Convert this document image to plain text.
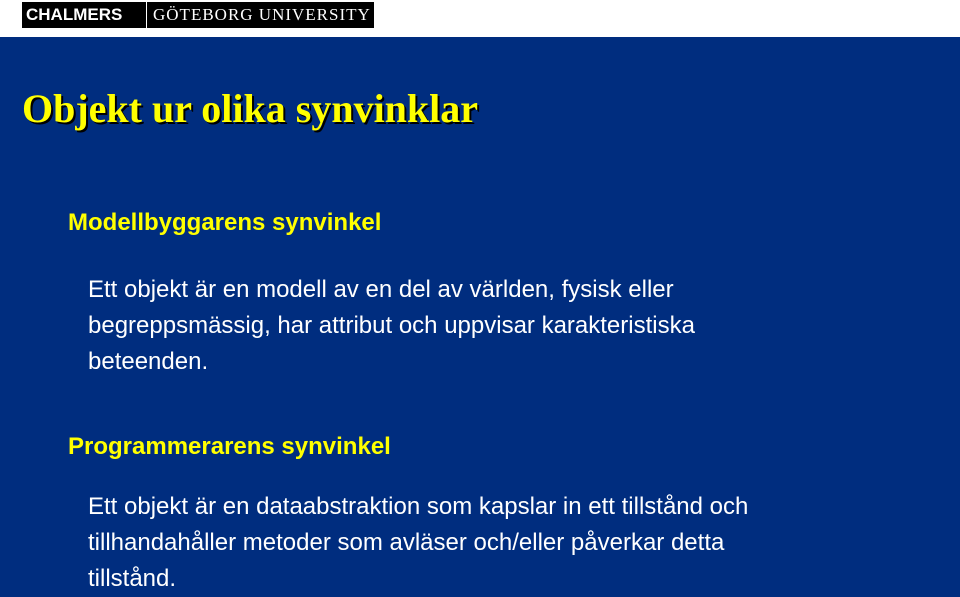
CHALMERS	GÖTEBORG UNIVERSITY
Objekt ur olika synvinklar
Modellbyggarens synvinkel

Ett objekt är en modell av en del av världen, fysisk eller
begreppsmässig, har attribut och uppvisar karakteristiska
beteenden.

Programmerarens synvinkel

Ett objekt är en dataabstraktion som kapslar in ett tillstånd och
tillhandahåller metoder som avläser och/eller påverkar detta
tillstånd.
